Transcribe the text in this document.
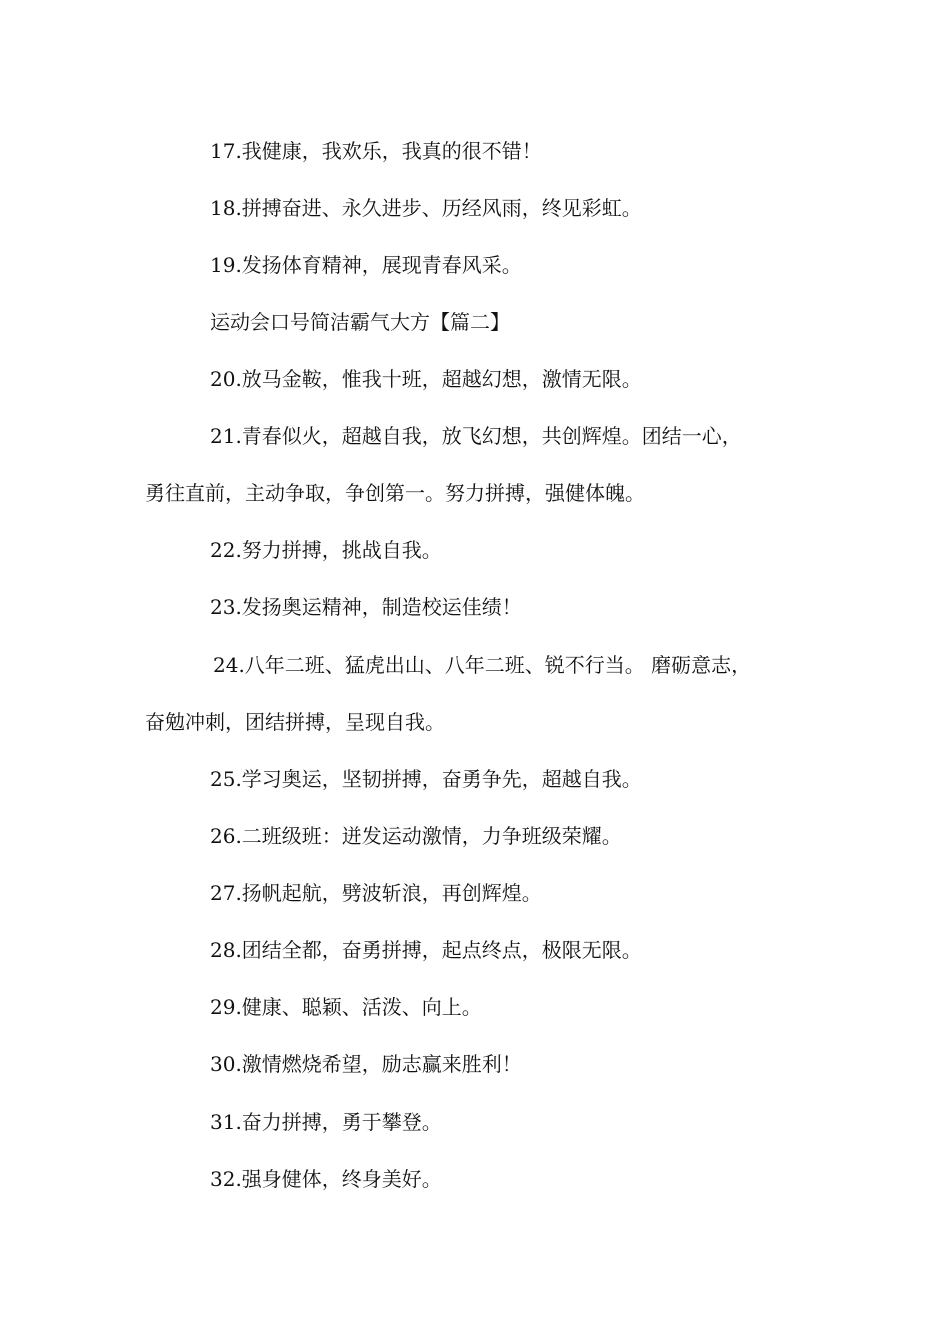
17.我健康，我欢乐，我真的很不错！
18.拼搏奋进、永久进步、历经风雨，终见彩虹。
19.发扬体育精神，展现青春风采。
运动会口号简洁霸气大方【篇二】
20.放马金鞍，惟我十班，超越幻想，激情无限。
21.青春似火，超越自我，放飞幻想，共创辉煌。团结一心，
勇往直前，主动争取，争创第一。努力拼搏，强健体魄。
22.努力拼搏，挑战自我。
23.发扬奥运精神，制造校运佳绩！
24.八年二班、猛虎出山、八年二班、锐不行当。 磨砺意志，
奋勉冲刺，团结拼搏，呈现自我。
25.学习奥运，坚韧拼搏，奋勇争先，超越自我。
26.二班级班：迸发运动激情，力争班级荣耀。
27.扬帆起航，劈波斩浪，再创辉煌。
28.团结全都，奋勇拼搏，起点终点，极限无限。
29.健康、聪颖、活泼、向上。
30.激情燃烧希望，励志赢来胜利！
31.奋力拼搏，勇于攀登。
32.强身健体，终身美好。
